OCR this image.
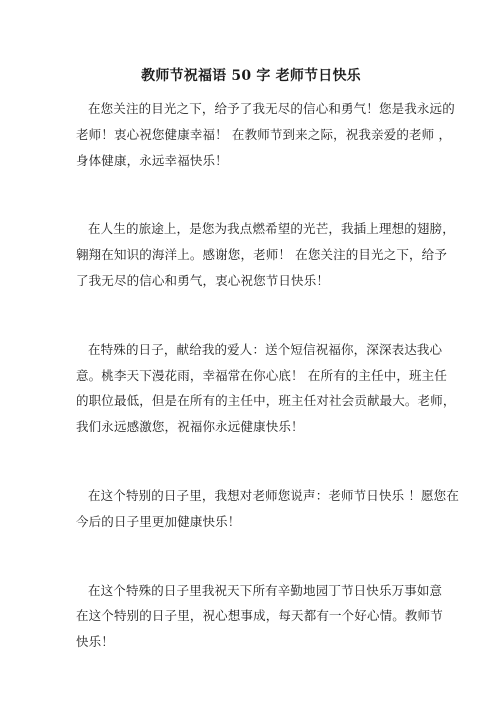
教师节祝福语 50 字 老师节日快乐
在您关注的目光之下，给予了我无尽的信心和勇气！您是我永远的
老师！衷心祝您健康幸福！ 在教师节到来之际，祝我亲爱的老师 ，
身体健康，永远幸福快乐！
在人生的旅途上，是您为我点燃希望的光芒，我插上理想的翅膀，
翱翔在知识的海洋上。感谢您，老师！ 在您关注的目光之下，给予
了我无尽的信心和勇气，衷心祝您节日快乐！
在特殊的日子，献给我的爱人：送个短信祝福你，深深表达我心
意。桃李天下漫花雨，幸福常在你心底！ 在所有的主任中，班主任
的职位最低，但是在所有的主任中，班主任对社会贡献最大。老师，
我们永远感激您，祝福你永远健康快乐！
在这个特别的日子里，我想对老师您说声：老师节日快乐 ！愿您在
今后的日子里更加健康快乐！
在这个特殊的日子里我祝天下所有辛勤地园丁节日快乐万事如意
在这个特别的日子里，祝心想事成，每天都有一个好心情。教师节
快乐！
